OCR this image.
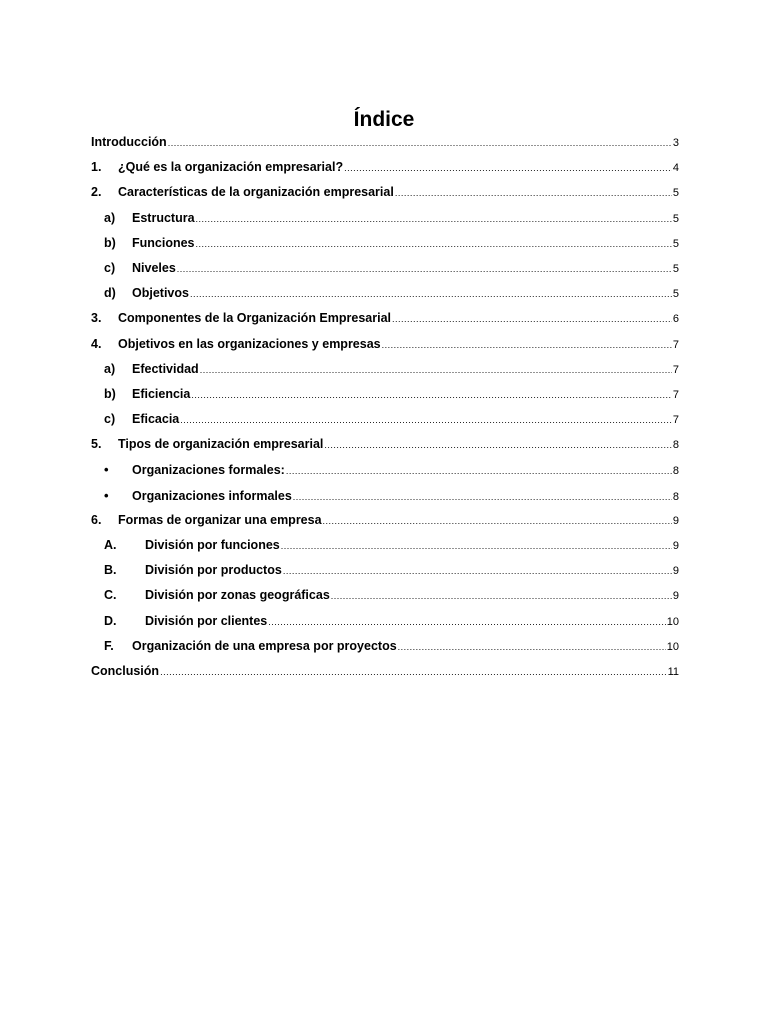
Índice
Introducción .....	3
1.	¿Qué es la organización empresarial? .....	4
2.	Características de la organización empresarial .....	5
a)	Estructura .....	5
b)	Funciones .....	5
c)	Niveles .....	5
d)	Objetivos .....	5
3.	Componentes de la Organización Empresarial .....	6
4.	Objetivos en las organizaciones y empresas .....	7
a)	Efectividad .....	7
b)	Eficiencia .....	7
c)	Eficacia .....	7
5.	Tipos de organización empresarial .....	8
•	Organizaciones formales: .....	8
•	Organizaciones informales .....	8
6.	Formas de organizar una empresa .....	9
A.	División por funciones .....	9
B.	División por productos .....	9
C.	División por zonas geográficas .....	9
D.	División por clientes .....	10
F.	Organización de una empresa por proyectos .....	10
Conclusión .....	11
